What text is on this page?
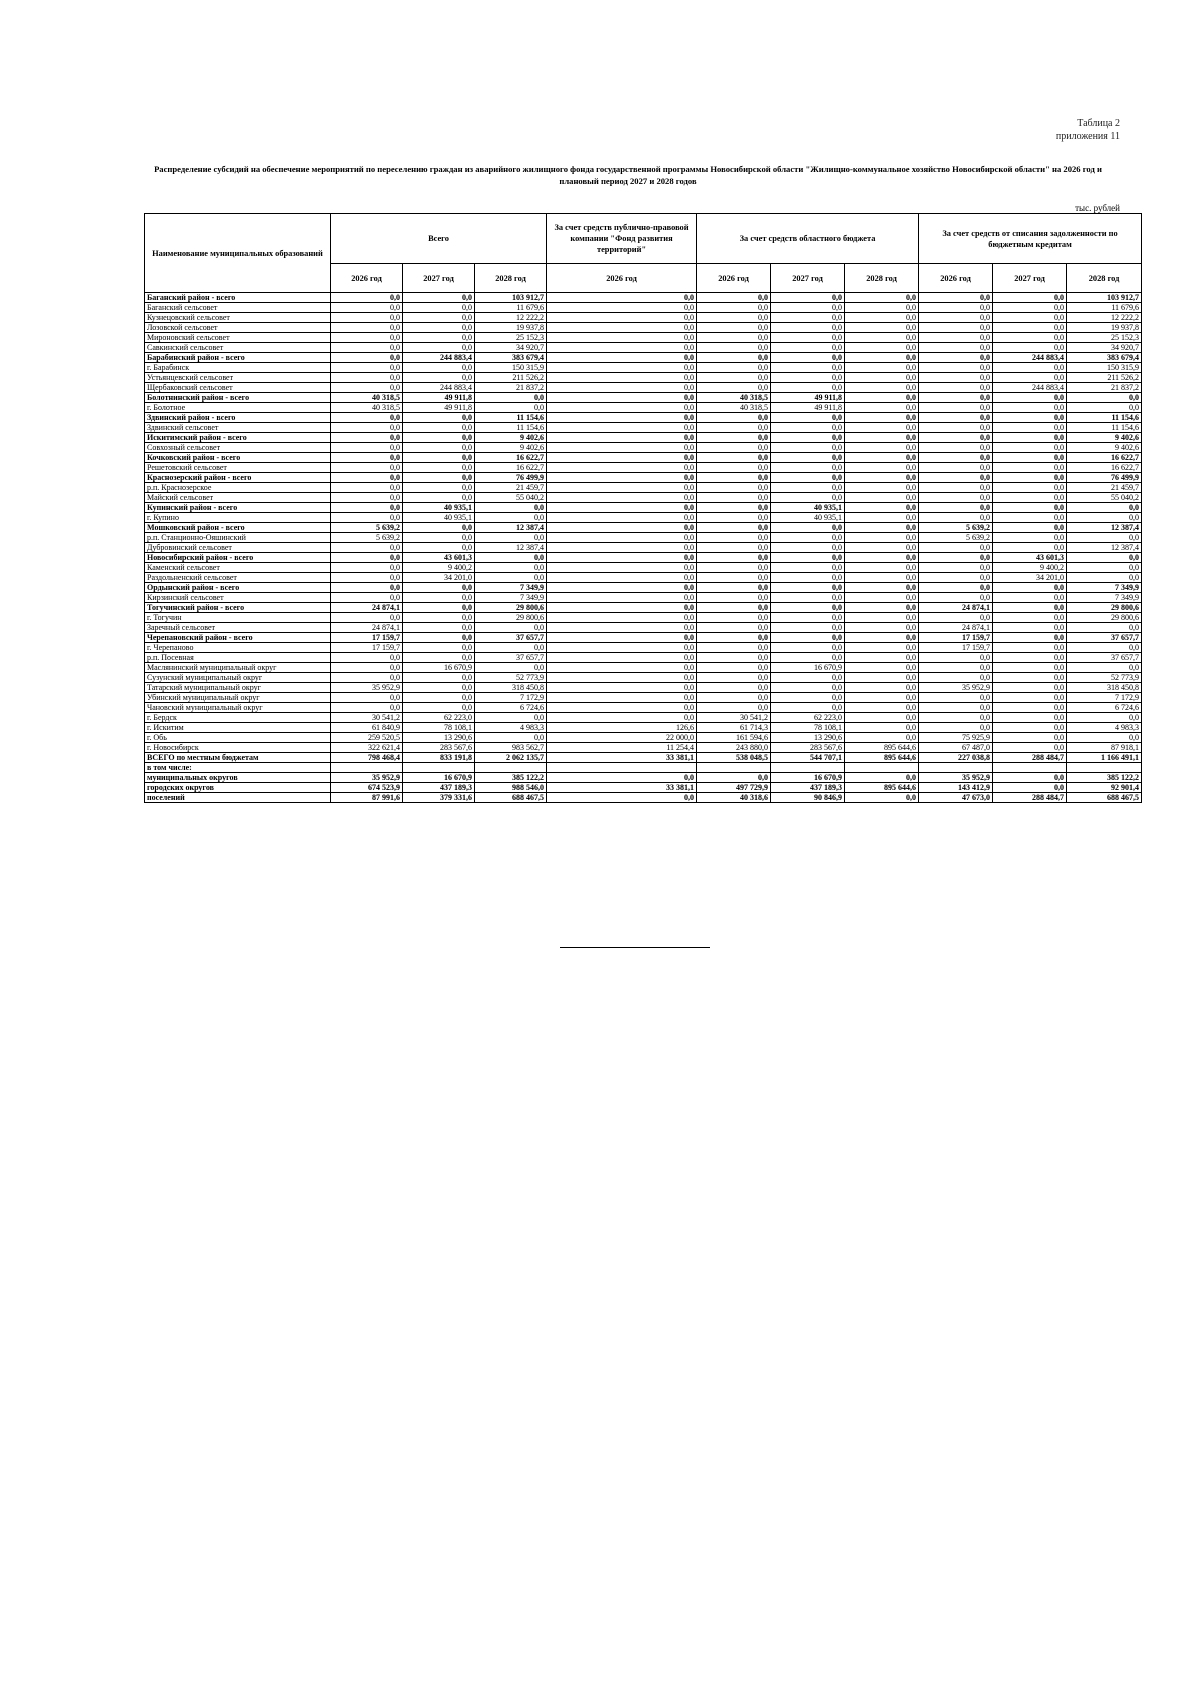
Таблица 2
приложения 11
Распределение субсидий на обеспечение мероприятий по переселению граждан из аварийного жилищного фонда государственной программы Новосибирской области "Жилищно-коммунальное хозяйство Новосибирской области" на 2026 год и плановый период 2027 и 2028 годов
тыс. рублей
Наименование муниципальных образований	Всего			За счет средств публично-правовой компании "Фонд развития территорий"	За счет средств областного бюджета			За счет средств от списания задолженности по бюджетным кредитам		
	2026 год	2027 год	2028 год	2026 год	2026 год	2027 год	2028 год	2026 год	2027 год	2028 год
Баганский район - всего	0,0	0,0	103 912,7	0,0	0,0	0,0	0,0	0,0	0,0	103 912,7
Баганский сельсовет	0,0	0,0	11 679,6	0,0	0,0	0,0	0,0	0,0	0,0	11 679,6
Кузнецовский сельсовет	0,0	0,0	12 222,2	0,0	0,0	0,0	0,0	0,0	0,0	12 222,2
Лозовской сельсовет	0,0	0,0	19 937,8	0,0	0,0	0,0	0,0	0,0	0,0	19 937,8
Мироновский сельсовет	0,0	0,0	25 152,3	0,0	0,0	0,0	0,0	0,0	0,0	25 152,3
Савкинский сельсовет	0,0	0,0	34 920,7	0,0	0,0	0,0	0,0	0,0	0,0	34 920,7
Барабинский район - всего	0,0	244 883,4	383 679,4	0,0	0,0	0,0	0,0	0,0	244 883,4	383 679,4
г. Барабинск	0,0	0,0	150 315,9	0,0	0,0	0,0	0,0	0,0	0,0	150 315,9
Устьянцевский сельсовет	0,0	0,0	211 526,2	0,0	0,0	0,0	0,0	0,0	0,0	211 526,2
Щербаковский сельсовет	0,0	244 883,4	21 837,2	0,0	0,0	0,0	0,0	0,0	244 883,4	21 837,2
Болотнинский район - всего	40 318,5	49 911,8	0,0	0,0	40 318,5	49 911,8	0,0	0,0	0,0	0,0
г. Болотное	40 318,5	49 911,8	0,0	0,0	40 318,5	49 911,8	0,0	0,0	0,0	0,0
Здвинский район - всего	0,0	0,0	11 154,6	0,0	0,0	0,0	0,0	0,0	0,0	11 154,6
Здвинский сельсовет	0,0	0,0	11 154,6	0,0	0,0	0,0	0,0	0,0	0,0	11 154,6
Искитимский район - всего	0,0	0,0	9 402,6	0,0	0,0	0,0	0,0	0,0	0,0	9 402,6
Совхозный сельсовет	0,0	0,0	9 402,6	0,0	0,0	0,0	0,0	0,0	0,0	9 402,6
Кочковский район - всего	0,0	0,0	16 622,7	0,0	0,0	0,0	0,0	0,0	0,0	16 622,7
Решетовский сельсовет	0,0	0,0	16 622,7	0,0	0,0	0,0	0,0	0,0	0,0	16 622,7
Краснозерский район - всего	0,0	0,0	76 499,9	0,0	0,0	0,0	0,0	0,0	0,0	76 499,9
р.п. Краснозерское	0,0	0,0	21 459,7	0,0	0,0	0,0	0,0	0,0	0,0	21 459,7
Майский сельсовет	0,0	0,0	55 040,2	0,0	0,0	0,0	0,0	0,0	0,0	55 040,2
Купинский район - всего	0,0	40 935,1	0,0	0,0	0,0	40 935,1	0,0	0,0	0,0	0,0
г. Купино	0,0	40 935,1	0,0	0,0	0,0	40 935,1	0,0	0,0	0,0	0,0
Мошковский район - всего	5 639,2	0,0	12 387,4	0,0	0,0	0,0	0,0	5 639,2	0,0	12 387,4
р.п. Станционно-Ояшинский	5 639,2	0,0	0,0	0,0	0,0	0,0	0,0	5 639,2	0,0	0,0
Дубровинский сельсовет	0,0	0,0	12 387,4	0,0	0,0	0,0	0,0	0,0	0,0	12 387,4
Новосибирский район - всего	0,0	43 601,3	0,0	0,0	0,0	0,0	0,0	0,0	43 601,3	0,0
Каменский сельсовет	0,0	9 400,2	0,0	0,0	0,0	0,0	0,0	0,0	9 400,2	0,0
Раздольненский сельсовет	0,0	34 201,0	0,0	0,0	0,0	0,0	0,0	0,0	34 201,0	0,0
Ордынский район - всего	0,0	0,0	7 349,9	0,0	0,0	0,0	0,0	0,0	0,0	7 349,9
Кирзинский сельсовет	0,0	0,0	7 349,9	0,0	0,0	0,0	0,0	0,0	0,0	7 349,9
Тогучинский район - всего	24 874,1	0,0	29 800,6	0,0	0,0	0,0	0,0	24 874,1	0,0	29 800,6
г. Тогучин	0,0	0,0	29 800,6	0,0	0,0	0,0	0,0	0,0	0,0	29 800,6
Заречный сельсовет	24 874,1	0,0	0,0	0,0	0,0	0,0	0,0	24 874,1	0,0	0,0
Черепановский район - всего	17 159,7	0,0	37 657,7	0,0	0,0	0,0	0,0	17 159,7	0,0	37 657,7
г. Черепаново	17 159,7	0,0	0,0	0,0	0,0	0,0	0,0	17 159,7	0,0	0,0
р.п. Посевная	0,0	0,0	37 657,7	0,0	0,0	0,0	0,0	0,0	0,0	37 657,7
Маслянинский муниципальный округ	0,0	16 670,9	0,0	0,0	0,0	16 670,9	0,0	0,0	0,0	0,0
Сузунский муниципальный округ	0,0	0,0	52 773,9	0,0	0,0	0,0	0,0	0,0	0,0	52 773,9
Татарский муниципальный округ	35 952,9	0,0	318 450,8	0,0	0,0	0,0	0,0	35 952,9	0,0	318 450,8
Убинский муниципальный округ	0,0	0,0	7 172,9	0,0	0,0	0,0	0,0	0,0	0,0	7 172,9
Чановский муниципальный округ	0,0	0,0	6 724,6	0,0	0,0	0,0	0,0	0,0	0,0	6 724,6
г. Бердск	30 541,2	62 223,0	0,0	0,0	30 541,2	62 223,0	0,0	0,0	0,0	0,0
г. Искитим	61 840,9	78 108,1	4 983,3	126,6	61 714,3	78 108,1	0,0	0,0	0,0	4 983,3
г. Обь	259 520,5	13 290,6	0,0	22 000,0	161 594,6	13 290,6	0,0	75 925,9	0,0	0,0
г. Новосибирск	322 621,4	283 567,6	983 562,7	11 254,4	243 880,0	283 567,6	895 644,6	67 487,0	0,0	87 918,1
ВСЕГО по местным бюджетам	798 468,4	833 191,8	2 062 135,7	33 381,1	538 048,5	544 707,1	895 644,6	227 038,8	288 484,7	1 166 491,1
в том числе:										
муниципальных округов	35 952,9	16 670,9	385 122,2	0,0	0,0	16 670,9	0,0	35 952,9	0,0	385 122,2
городских округов	674 523,9	437 189,3	988 546,0	33 381,1	497 729,9	437 189,3	895 644,6	143 412,9	0,0	92 901,4
поселений	87 991,6	379 331,6	688 467,5	0,0	40 318,6	90 846,9	0,0	47 673,0	288 484,7	688 467,5
